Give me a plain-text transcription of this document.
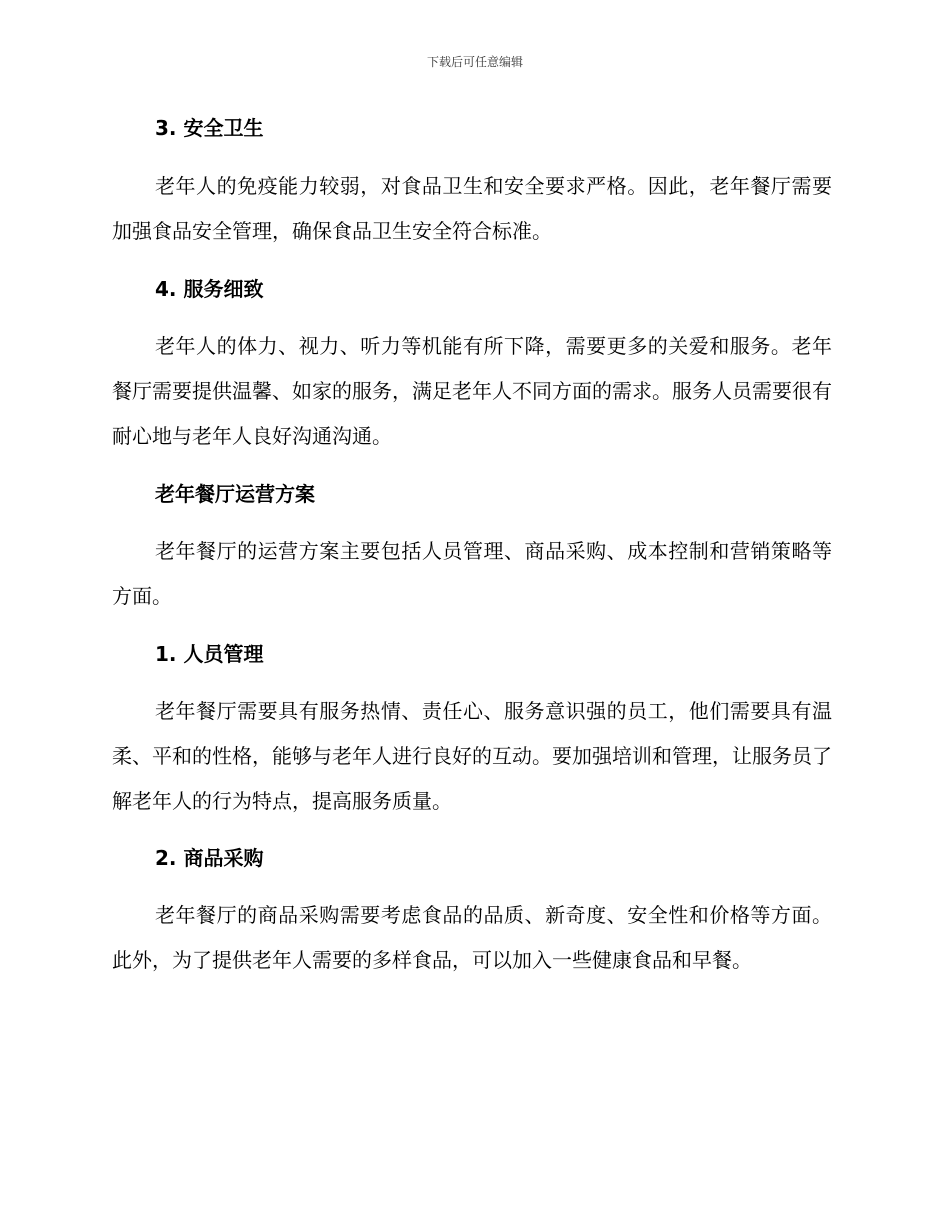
下载后可任意编辑
3. 安全卫生
老年人的免疫能力较弱，对食品卫生和安全要求严格。因此，老年餐厅需要加强食品安全管理，确保食品卫生安全符合标准。
4. 服务细致
老年人的体力、视力、听力等机能有所下降，需要更多的关爱和服务。老年餐厅需要提供温馨、如家的服务，满足老年人不同方面的需求。服务人员需要很有耐心地与老年人良好沟通沟通。
老年餐厅运营方案
老年餐厅的运营方案主要包括人员管理、商品采购、成本控制和营销策略等方面。
1. 人员管理
老年餐厅需要具有服务热情、责任心、服务意识强的员工，他们需要具有温柔、平和的性格，能够与老年人进行良好的互动。要加强培训和管理，让服务员了解老年人的行为特点，提高服务质量。
2. 商品采购
老年餐厅的商品采购需要考虑食品的品质、新奇度、安全性和价格等方面。此外，为了提供老年人需要的多样食品，可以加入一些健康食品和早餐。
